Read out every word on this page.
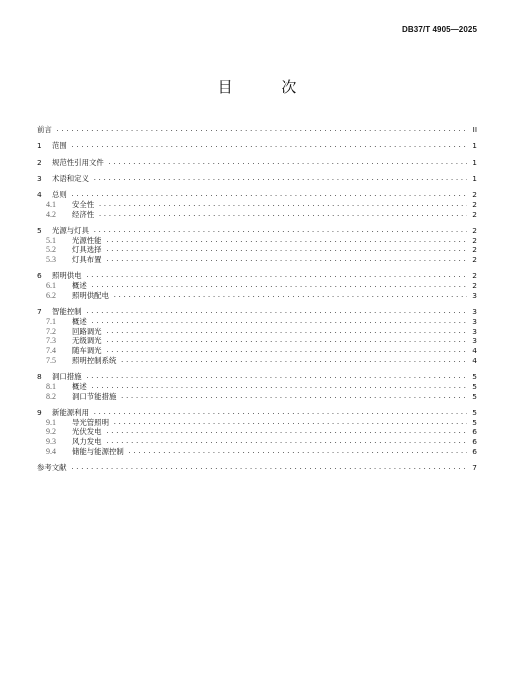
DB37/T 4905—2025
目 次
前言 .....	II
1	范围 .....	1
2	规范性引用文件 .....	1
3	术语和定义 .....	1
4	总则 .....	2
4.1	安全性 .....	2
4.2	经济性 .....	2
5	光源与灯具 .....	2
5.1	光源性能 .....	2
5.2	灯具选择 .....	2
5.3	灯具布置 .....	2
6	照明供电 .....	2
6.1	概述 .....	2
6.2	照明供配电 .....	3
7	智能控制 .....	3
7.1	概述 .....	3
7.2	回路调光 .....	3
7.3	无级调光 .....	3
7.4	随车调光 .....	4
7.5	照明控制系统 .....	4
8	洞口措施 .....	5
8.1	概述 .....	5
8.2	洞口节能措施 .....	5
9	新能源利用 .....	5
9.1	导光管照明 .....	5
9.2	光伏发电 .....	6
9.3	风力发电 .....	6
9.4	储能与能源控制 .....	6
参考文献 .....	7
